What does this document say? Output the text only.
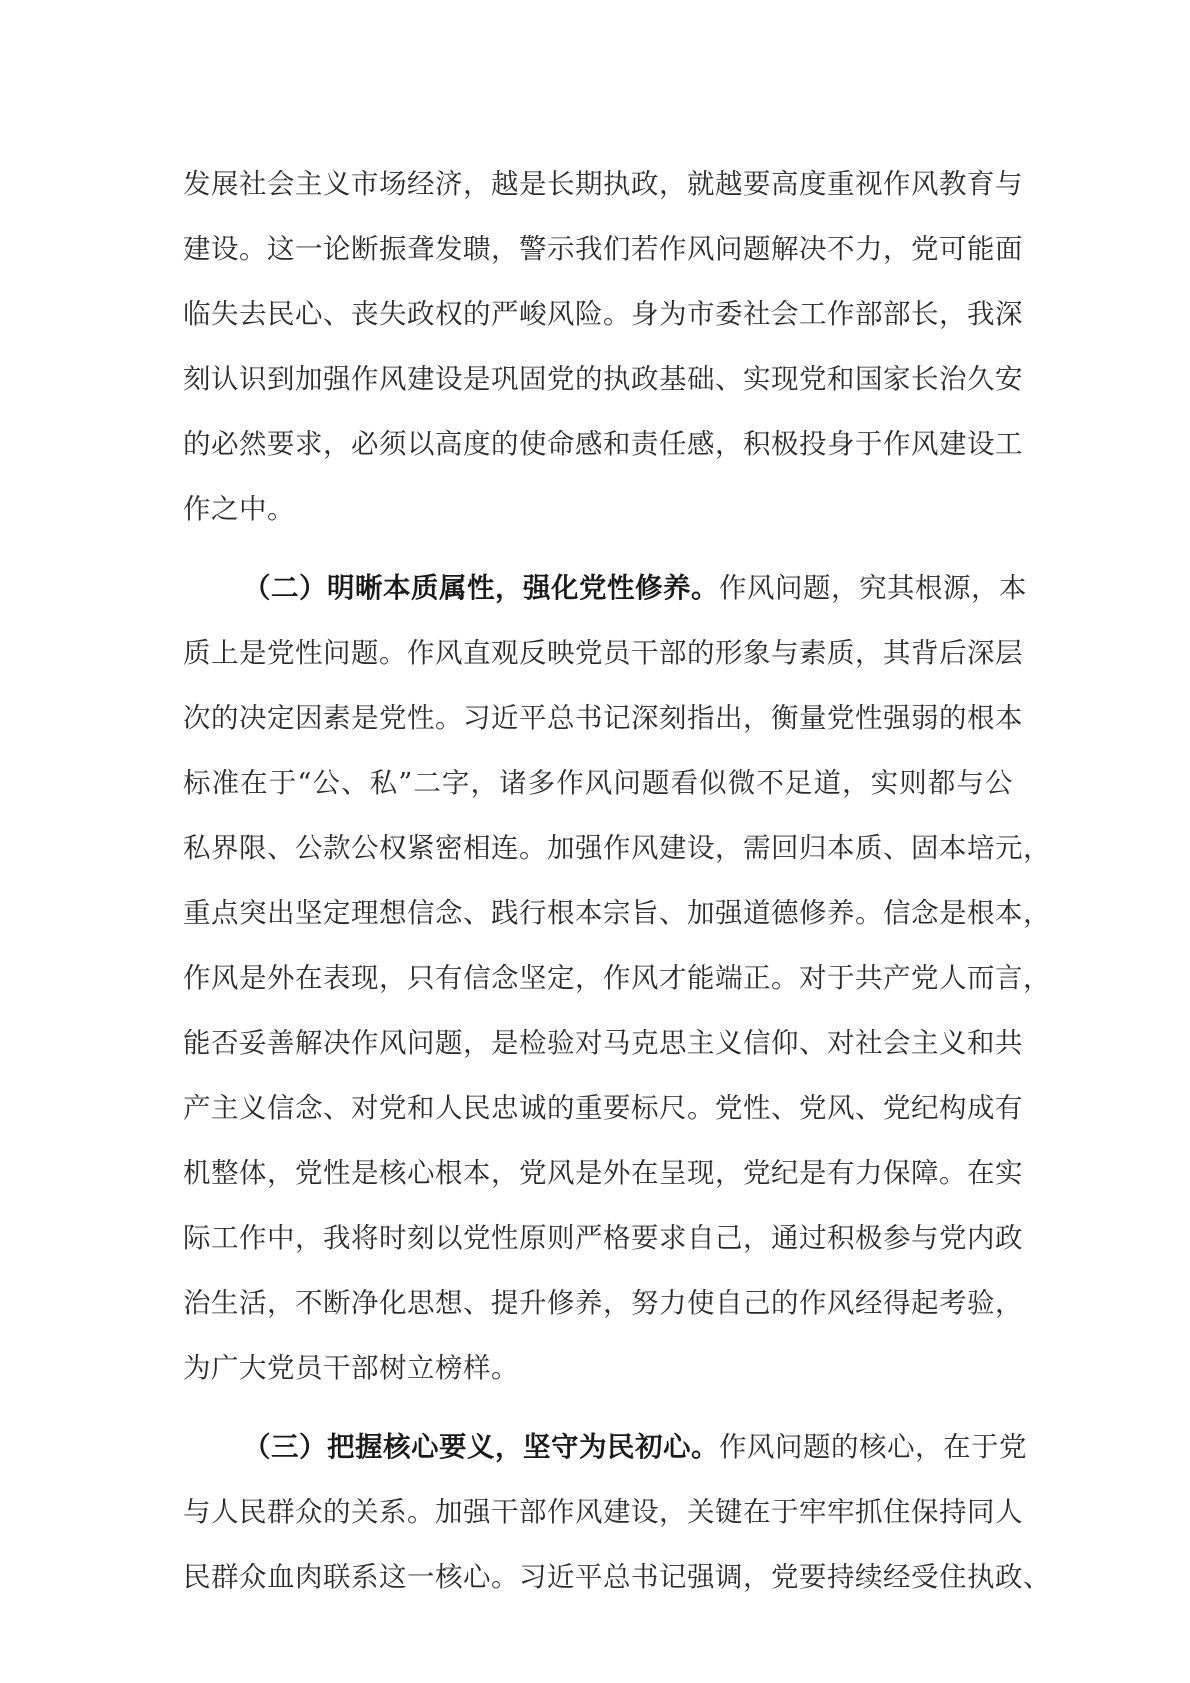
发展社会主义市场经济，越是长期执政，就越要高度重视作风教育与
建设。这一论断振聋发聩，警示我们若作风问题解决不力，党可能面
临失去民心、丧失政权的严峻风险。身为市委社会工作部部长，我深
刻认识到加强作风建设是巩固党的执政基础、实现党和国家长治久安
的必然要求，必须以高度的使命感和责任感，积极投身于作风建设工
作之中。
（二）明晰本质属性，强化党性修养。作风问题，究其根源，本
质上是党性问题。作风直观反映党员干部的形象与素质，其背后深层
次的决定因素是党性。习近平总书记深刻指出，衡量党性强弱的根本
标准在于“公、私”二字，诸多作风问题看似微不足道，实则都与公
私界限、公款公权紧密相连。加强作风建设，需回归本质、固本培元，
重点突出坚定理想信念、践行根本宗旨、加强道德修养。信念是根本，
作风是外在表现，只有信念坚定，作风才能端正。对于共产党人而言，
能否妥善解决作风问题，是检验对马克思主义信仰、对社会主义和共
产主义信念、对党和人民忠诚的重要标尺。党性、党风、党纪构成有
机整体，党性是核心根本，党风是外在呈现，党纪是有力保障。在实
际工作中，我将时刻以党性原则严格要求自己，通过积极参与党内政
治生活，不断净化思想、提升修养，努力使自己的作风经得起考验，
为广大党员干部树立榜样。
（三）把握核心要义，坚守为民初心。作风问题的核心，在于党
与人民群众的关系。加强干部作风建设，关键在于牢牢抓住保持同人
民群众血肉联系这一核心。习近平总书记强调，党要持续经受住执政、
